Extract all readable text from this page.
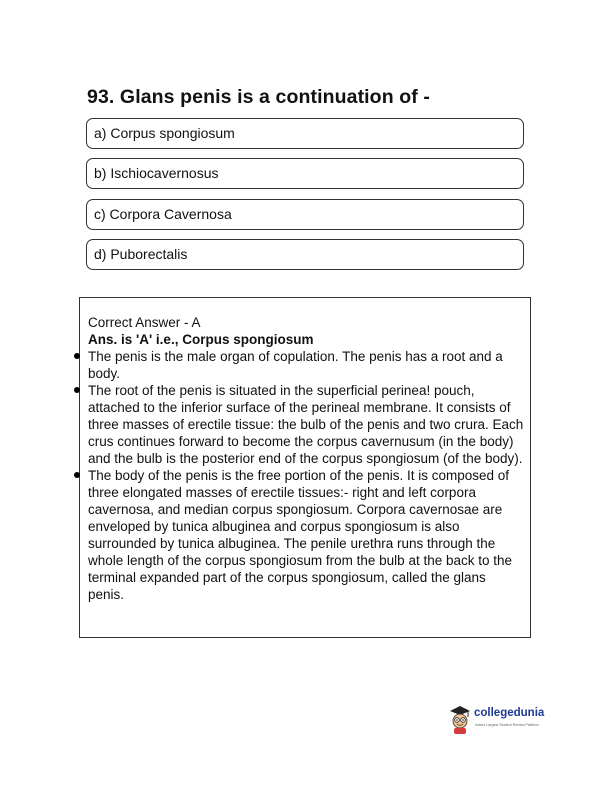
93. Glans penis is a continuation of -
a) Corpus spongiosum
b) Ischiocavernosus
c) Corpora Cavernosa
d) Puborectalis
Correct Answer - A
Ans. is 'A' i.e., Corpus spongiosum
The penis is the male organ of copulation. The penis has a root and a body.
The root of the penis is situated in the superficial perinea! pouch, attached to the inferior surface of the perineal membrane. It consists of three masses of erectile tissue: the bulb of the penis and two crura. Each crus continues forward to become the corpus cavernusum (in the body) and the bulb is the posterior end of the corpus spongiosum (of the body).
The body of the penis is the free portion of the penis. It is composed of three elongated masses of erectile tissues:- right and left corpora cavernosa, and median corpus spongiosum. Corpora cavernosae are enveloped by tunica albuginea and corpus spongiosum is also surrounded by tunica albuginea. The penile urethra runs through the whole length of the corpus spongiosum from the bulb at the back to the terminal expanded part of the corpus spongiosum, called the glans penis.
collegedunia
India's Largest Student Review Platform
